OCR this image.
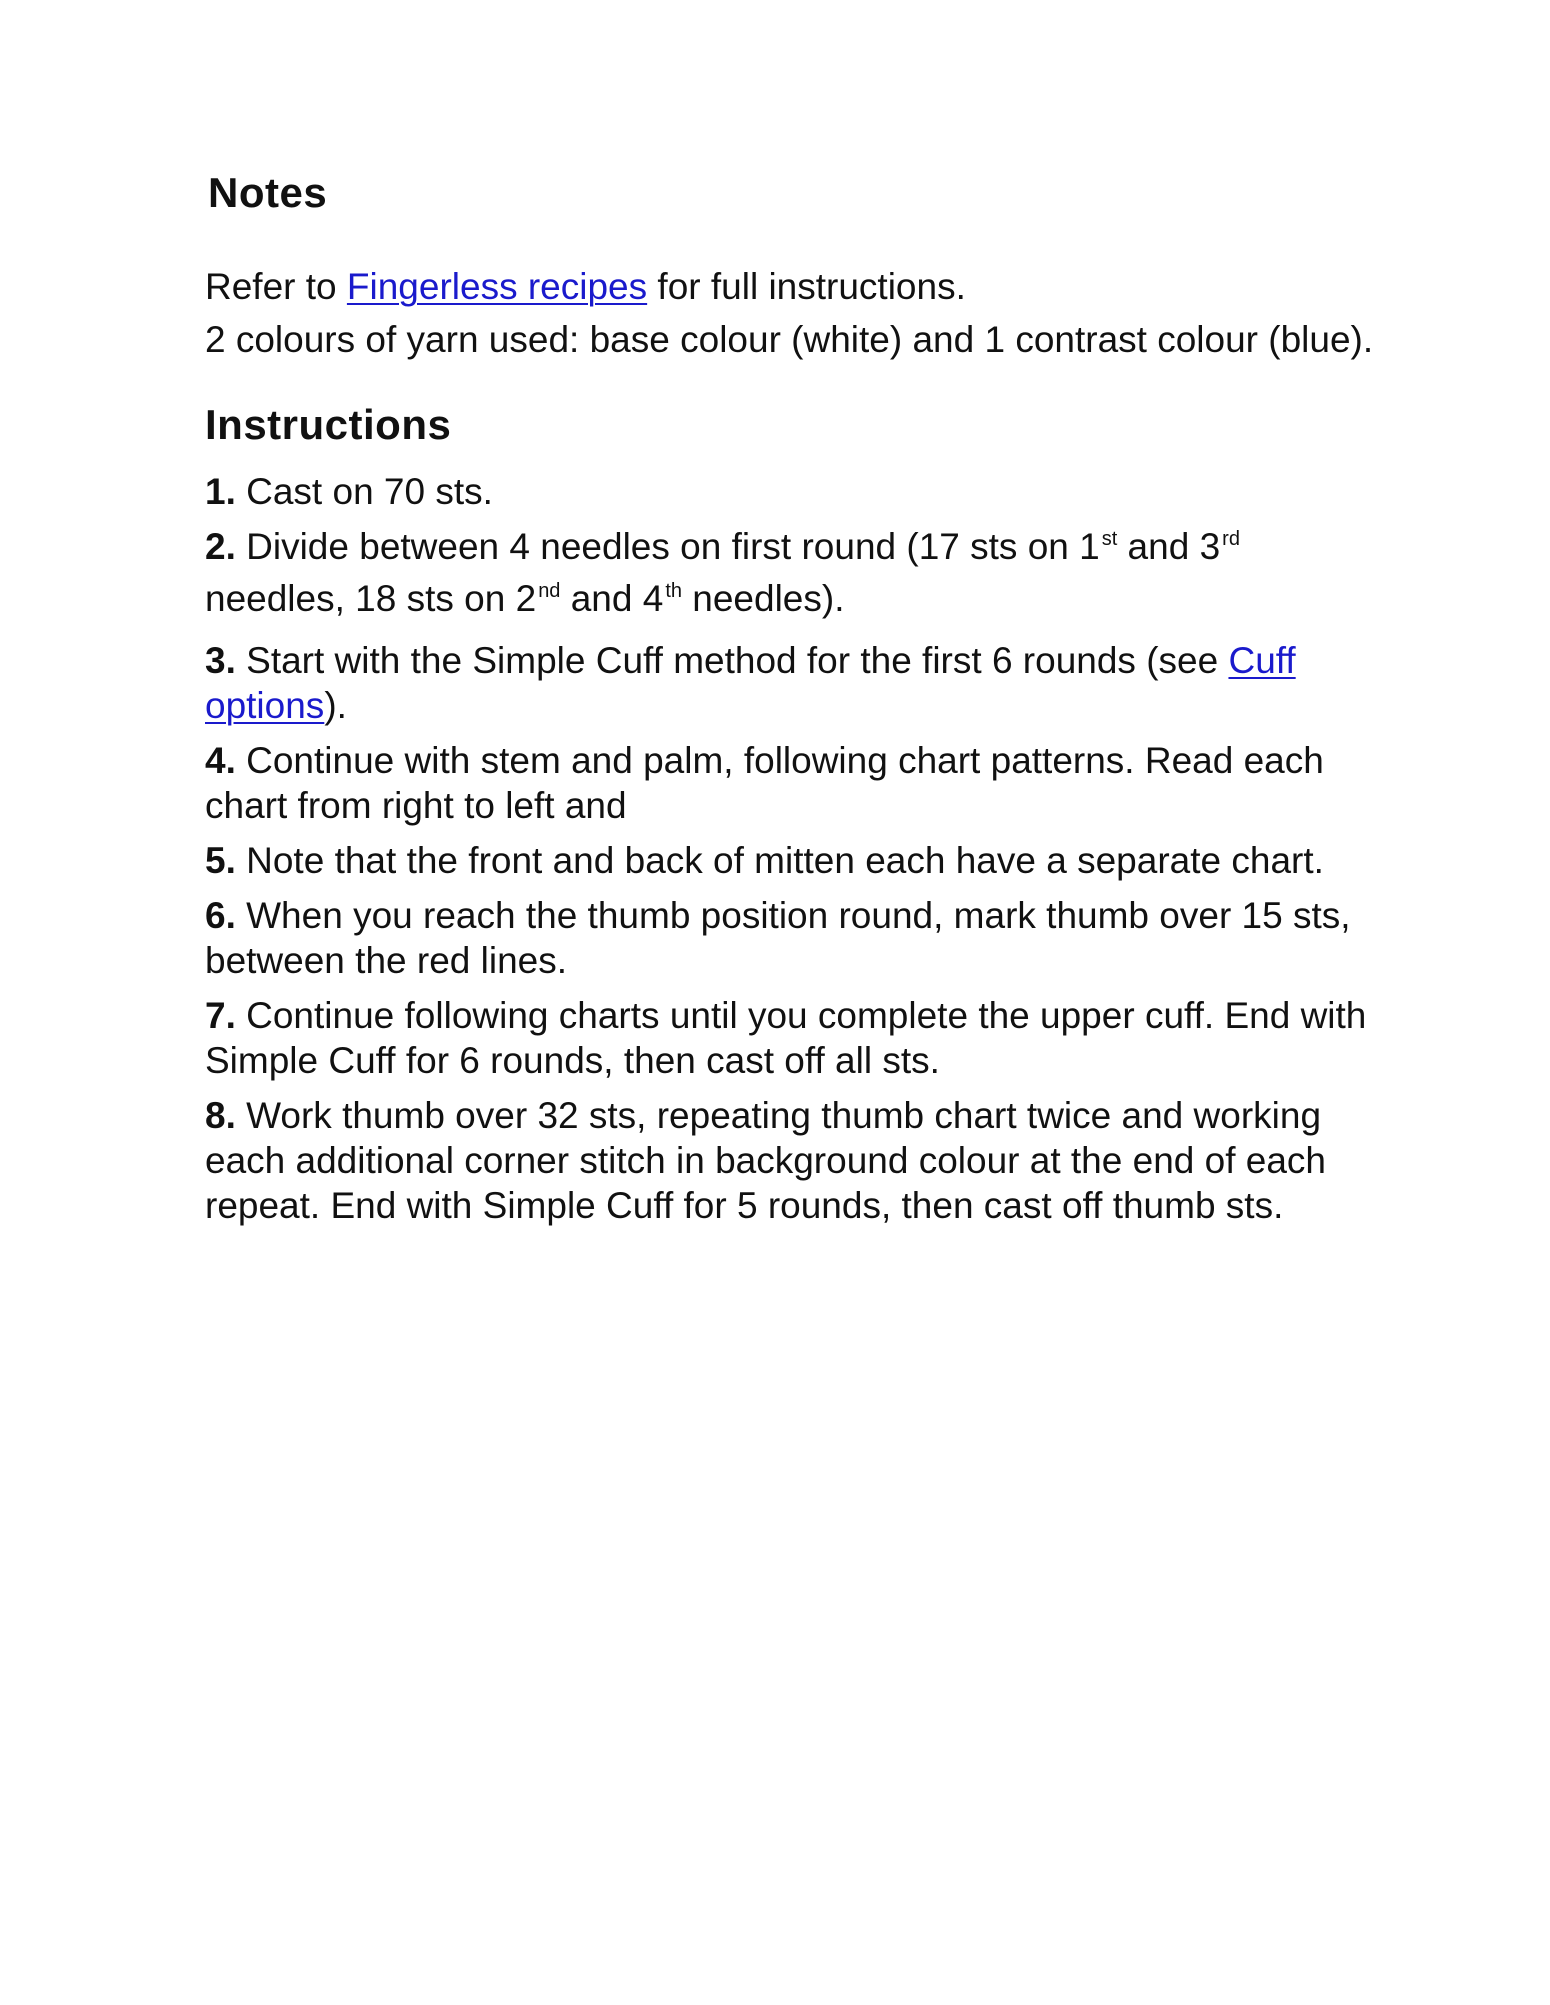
Notes

Refer to Fingerless recipes for full instructions.

2 colours of yarn used: base colour (white) and 1 contrast colour (blue).

Instructions

1. Cast on 70 sts.

2. Divide between 4 needles on first round (17 sts on 1 $^{st}$ and 3 $^{rd}$ needles, 18 sts on 2 $^{nd}$ and 4 $^{th}$ needles).

3. Start with the Simple Cuff method for the first 6 rounds (see Cuff options).

4. Continue with stem and palm, following chart patterns. Read each chart from right to left and

5. Note that the front and back of mitten each have a separate chart.

6. When you reach the thumb position round, mark thumb over 15 sts, between the red lines.

7. Continue following charts until you complete the upper cuff. End with Simple Cuff for 6 rounds, then cast off all sts.

8. Work thumb over 32 sts, repeating thumb chart twice and working each additional corner stitch in background colour at the end of each repeat. End with Simple Cuff for 5 rounds, then cast off thumb sts.
